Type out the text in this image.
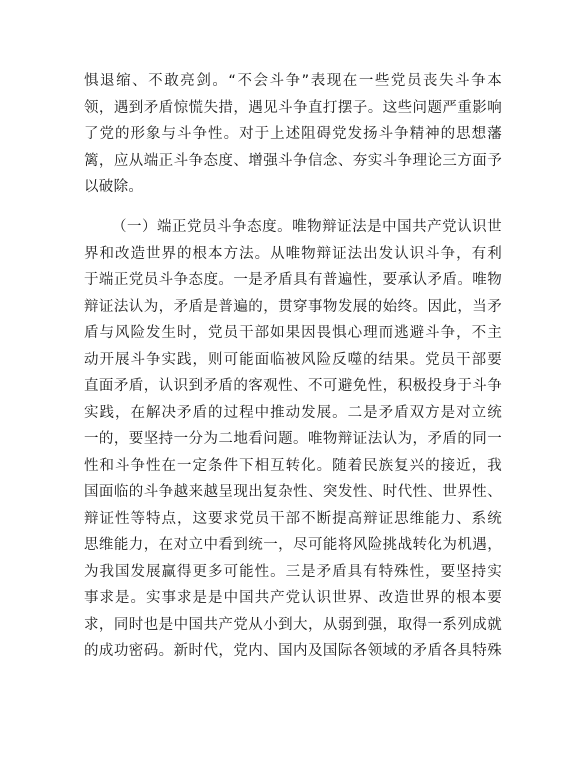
惧退缩、不敢亮剑。“不会斗争”表现在一些党员丧失斗争本
领，遇到矛盾惊慌失措，遇见斗争直打摆子。这些问题严重影响
了党的形象与斗争性。对于上述阻碍党发扬斗争精神的思想藩
篱，应从端正斗争态度、增强斗争信念、夯实斗争理论三方面予
以破除。
（一）端正党员斗争态度。唯物辩证法是中国共产党认识世
界和改造世界的根本方法。从唯物辩证法出发认识斗争，有利
于端正党员斗争态度。一是矛盾具有普遍性，要承认矛盾。唯物
辩证法认为，矛盾是普遍的，贯穿事物发展的始终。因此，当矛
盾与风险发生时，党员干部如果因畏惧心理而逃避斗争，不主
动开展斗争实践，则可能面临被风险反噬的结果。党员干部要
直面矛盾，认识到矛盾的客观性、不可避免性，积极投身于斗争
实践，在解决矛盾的过程中推动发展。二是矛盾双方是对立统
一的，要坚持一分为二地看问题。唯物辩证法认为，矛盾的同一
性和斗争性在一定条件下相互转化。随着民族复兴的接近，我
国面临的斗争越来越呈现出复杂性、突发性、时代性、世界性、
辩证性等特点，这要求党员干部不断提高辩证思维能力、系统
思维能力，在对立中看到统一，尽可能将风险挑战转化为机遇，
为我国发展赢得更多可能性。三是矛盾具有特殊性，要坚持实
事求是。实事求是是中国共产党认识世界、改造世界的根本要
求，同时也是中国共产党从小到大，从弱到强，取得一系列成就
的成功密码。新时代，党内、国内及国际各领域的矛盾各具特殊
